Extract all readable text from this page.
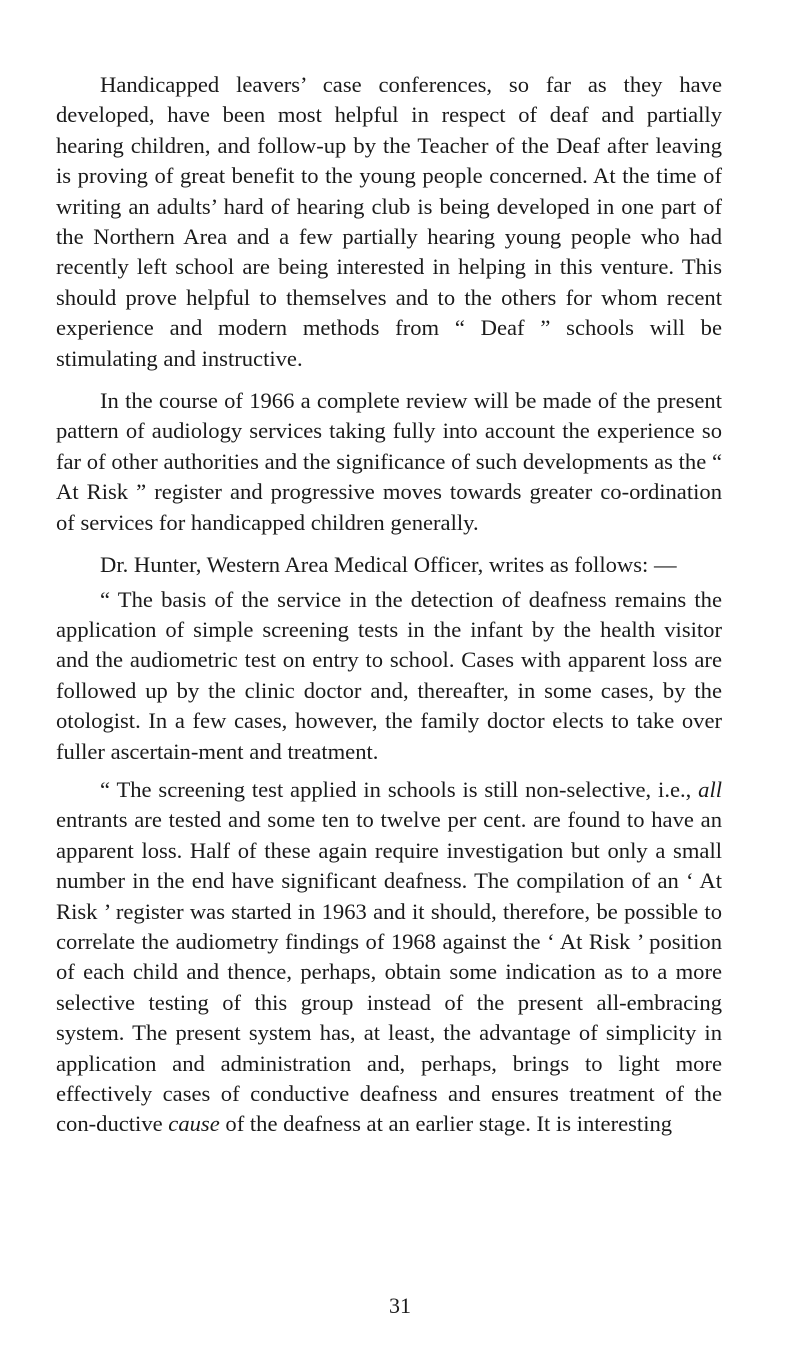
Handicapped leavers’ case conferences, so far as they have developed, have been most helpful in respect of deaf and partially hearing children, and follow-up by the Teacher of the Deaf after leaving is proving of great benefit to the young people concerned. At the time of writing an adults’ hard of hearing club is being developed in one part of the Northern Area and a few partially hearing young people who had recently left school are being interested in helping in this venture. This should prove helpful to themselves and to the others for whom recent experience and modern methods from “ Deaf ” schools will be stimulating and instructive.

In the course of 1966 a complete review will be made of the present pattern of audiology services taking fully into account the experience so far of other authorities and the significance of such developments as the “ At Risk ” register and progressive moves towards greater co-ordination of services for handicapped children generally.

Dr. Hunter, Western Area Medical Officer, writes as follows: —

“ The basis of the service in the detection of deafness remains the application of simple screening tests in the infant by the health visitor and the audiometric test on entry to school. Cases with apparent loss are followed up by the clinic doctor and, thereafter, in some cases, by the otologist. In a few cases, however, the family doctor elects to take over fuller ascertain-ment and treatment.

“ The screening test applied in schools is still non-selective, i.e., all entrants are tested and some ten to twelve per cent. are found to have an apparent loss. Half of these again require investigation but only a small number in the end have significant deafness. The compilation of an ‘ At Risk ’ register was started in 1963 and it should, therefore, be possible to correlate the audiometry findings of 1968 against the ‘ At Risk ’ position of each child and thence, perhaps, obtain some indication as to a more selective testing of this group instead of the present all-embracing system. The present system has, at least, the advantage of simplicity in application and administration and, perhaps, brings to light more effectively cases of conductive deafness and ensures treatment of the con-ductive cause of the deafness at an earlier stage. It is interesting

31
